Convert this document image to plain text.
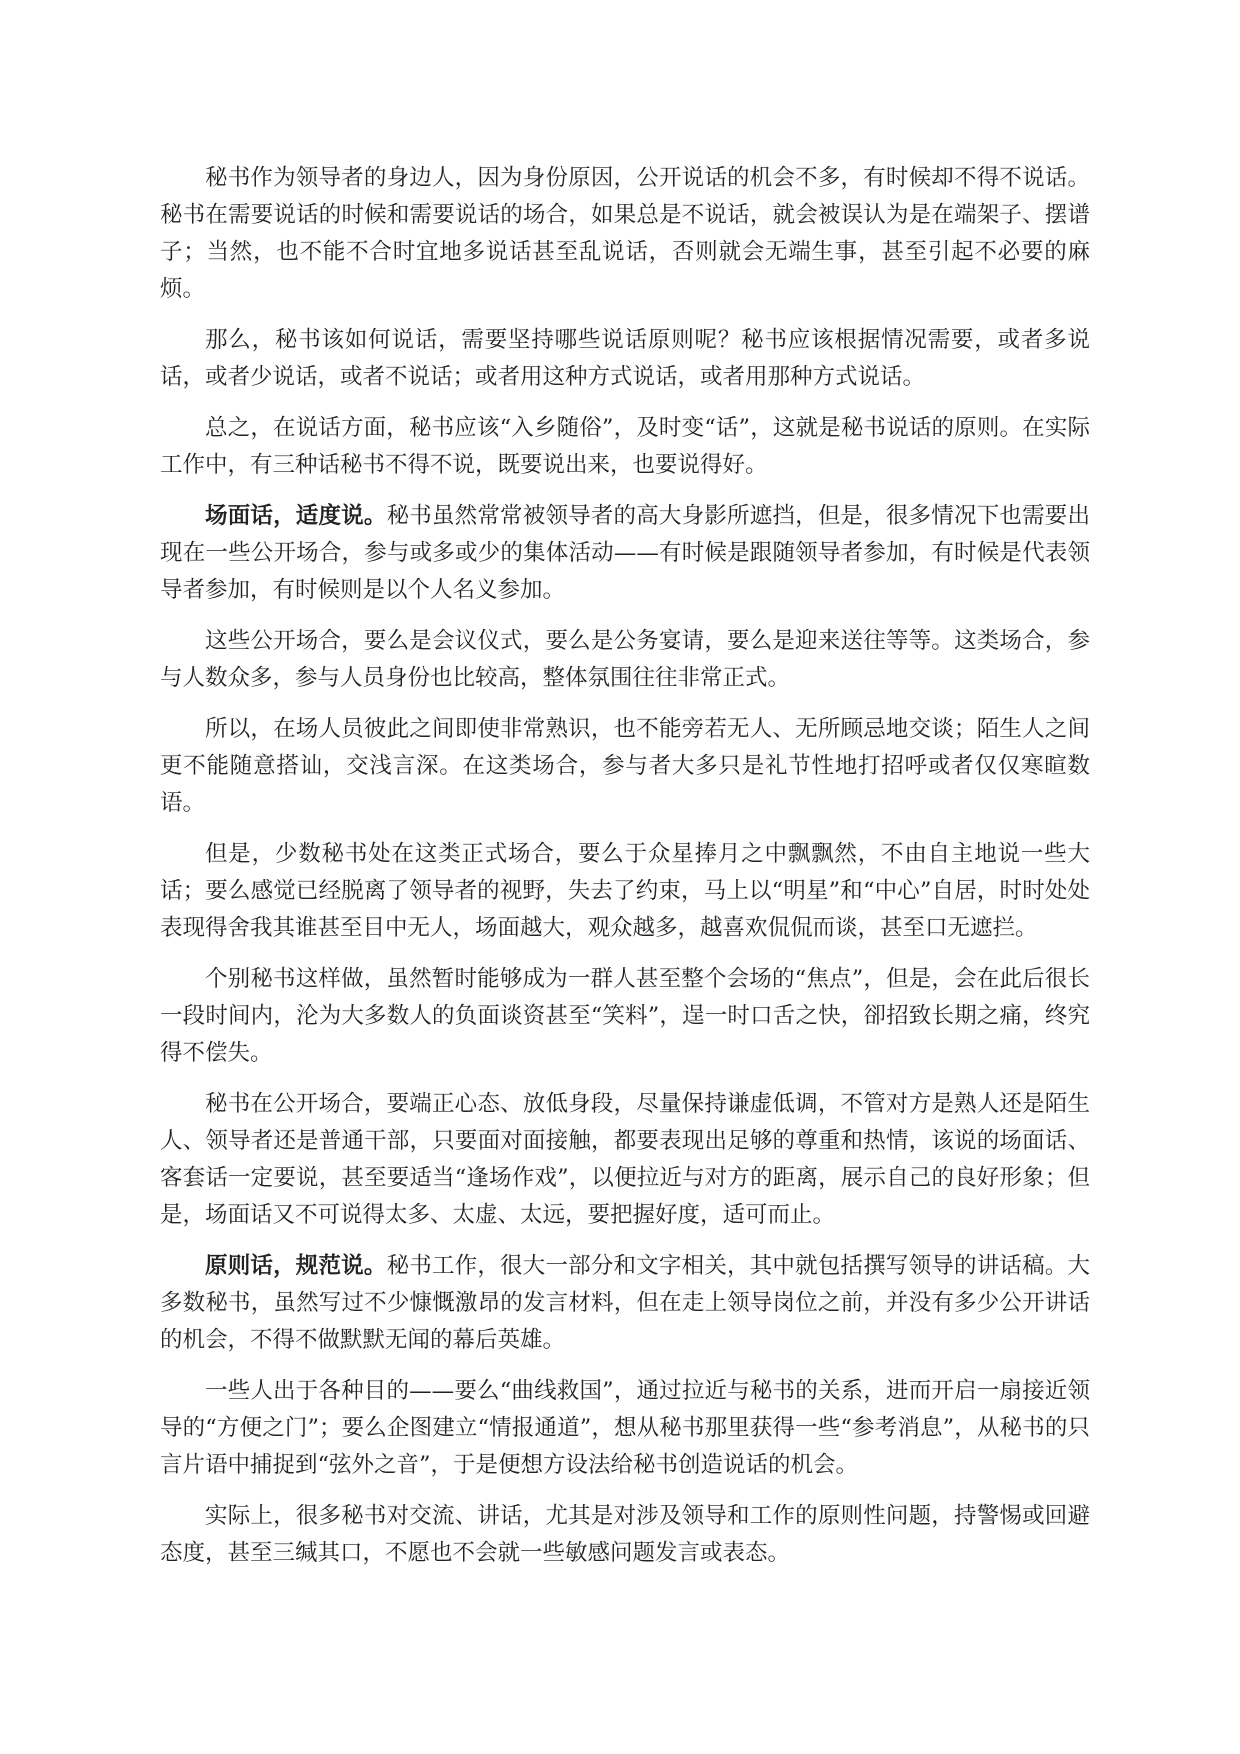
秘书作为领导者的身边人，因为身份原因，公开说话的机会不多，有时候却不得不说话。秘书在需要说话的时候和需要说话的场合，如果总是不说话，就会被误认为是在端架子、摆谱子；当然，也不能不合时宜地多说话甚至乱说话，否则就会无端生事，甚至引起不必要的麻烦。

那么，秘书该如何说话，需要坚持哪些说话原则呢？秘书应该根据情况需要，或者多说话，或者少说话，或者不说话；或者用这种方式说话，或者用那种方式说话。

总之，在说话方面，秘书应该“入乡随俗”，及时变“话”，这就是秘书说话的原则。在实际工作中，有三种话秘书不得不说，既要说出来，也要说得好。

场面话，适度说。秘书虽然常常被领导者的高大身影所遮挡，但是，很多情况下也需要出现在一些公开场合，参与或多或少的集体活动——有时候是跟随领导者参加，有时候是代表领导者参加，有时候则是以个人名义参加。

这些公开场合，要么是会议仪式，要么是公务宴请，要么是迎来送往等等。这类场合，参与人数众多，参与人员身份也比较高，整体氛围往往非常正式。

所以，在场人员彼此之间即使非常熟识，也不能旁若无人、无所顾忌地交谈；陌生人之间更不能随意搭讪，交浅言深。在这类场合，参与者大多只是礼节性地打招呼或者仅仅寒暄数语。

但是，少数秘书处在这类正式场合，要么于众星捧月之中飘飘然，不由自主地说一些大话；要么感觉已经脱离了领导者的视野，失去了约束，马上以“明星”和“中心”自居，时时处处表现得舍我其谁甚至目中无人，场面越大，观众越多，越喜欢侃侃而谈，甚至口无遮拦。

个别秘书这样做，虽然暂时能够成为一群人甚至整个会场的“焦点”，但是，会在此后很长一段时间内，沦为大多数人的负面谈资甚至“笑料”，逞一时口舌之快，卻招致长期之痛，终究得不偿失。

秘书在公开场合，要端正心态、放低身段，尽量保持谦虚低调，不管对方是熟人还是陌生人、领导者还是普通干部，只要面对面接触，都要表现出足够的尊重和热情，该说的场面话、客套话一定要说，甚至要适当“逢场作戏”，以便拉近与对方的距离，展示自己的良好形象；但是，场面话又不可说得太多、太虚、太远，要把握好度，适可而止。

原则话，规范说。秘书工作，很大一部分和文字相关，其中就包括撰写领导的讲话稿。大多数秘书，虽然写过不少慷慨激昂的发言材料，但在走上领导岗位之前，并没有多少公开讲话的机会，不得不做默默无闻的幕后英雄。

一些人出于各种目的——要么“曲线救国”，通过拉近与秘书的关系，进而开启一扇接近领导的“方便之门”；要么企图建立“情报通道”，想从秘书那里获得一些“参考消息”，从秘书的只言片语中捕捉到“弦外之音”，于是便想方设法给秘书创造说话的机会。

实际上，很多秘书对交流、讲话，尤其是对涉及领导和工作的原则性问题，持警惕或回避态度，甚至三缄其口，不愿也不会就一些敏感问题发言或表态。
